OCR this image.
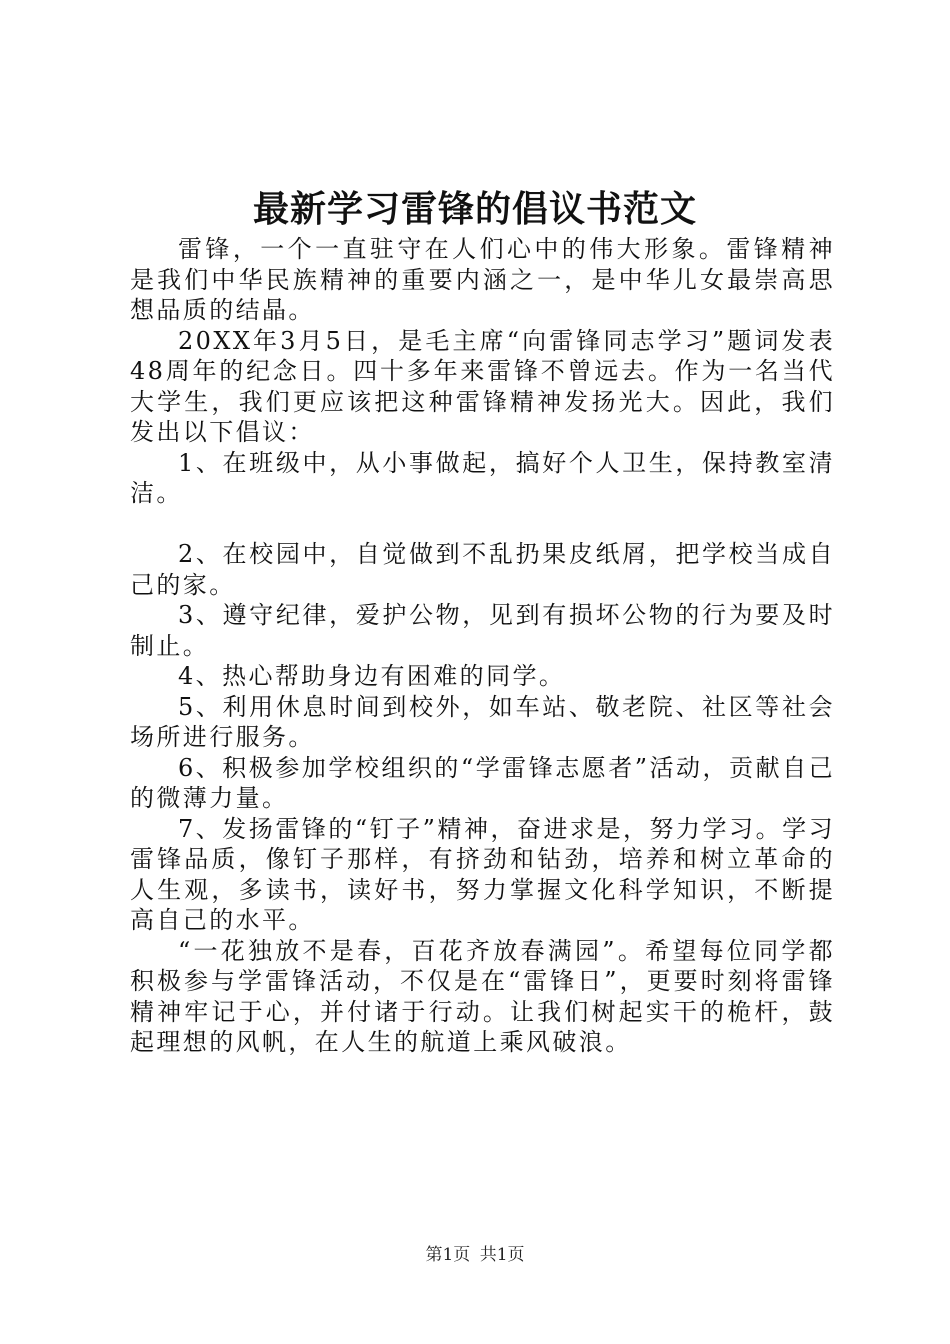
最新学习雷锋的倡议书范文

雷锋，一个一直驻守在人们心中的伟大形象。雷锋精神是我们中华民族精神的重要内涵之一，是中华儿女最崇高思想品质的结晶。

20XX年3月5日，是毛主席“向雷锋同志学习”题词发表48周年的纪念日。四十多年来雷锋不曾远去。作为一名当代大学生，我们更应该把这种雷锋精神发扬光大。因此，我们发出以下倡议：

1、在班级中，从小事做起，搞好个人卫生，保持教室清洁。

2、在校园中，自觉做到不乱扔果皮纸屑，把学校当成自己的家。

3、遵守纪律，爱护公物，见到有损坏公物的行为要及时制止。

4、热心帮助身边有困难的同学。

5、利用休息时间到校外，如车站、敬老院、社区等社会场所进行服务。

6、积极参加学校组织的“学雷锋志愿者”活动，贡献自己的微薄力量。

7、发扬雷锋的“钉子”精神，奋进求是，努力学习。学习雷锋品质，像钉子那样，有挤劲和钻劲，培养和树立革命的人生观，多读书，读好书，努力掌握文化科学知识，不断提高自己的水平。

“一花独放不是春，百花齐放春满园”。希望每位同学都积极参与学雷锋活动，不仅是在“雷锋日”，更要时刻将雷锋精神牢记于心，并付诸于行动。让我们树起实干的桅杆，鼓起理想的风帆，在人生的航道上乘风破浪。

第1页 共1页
